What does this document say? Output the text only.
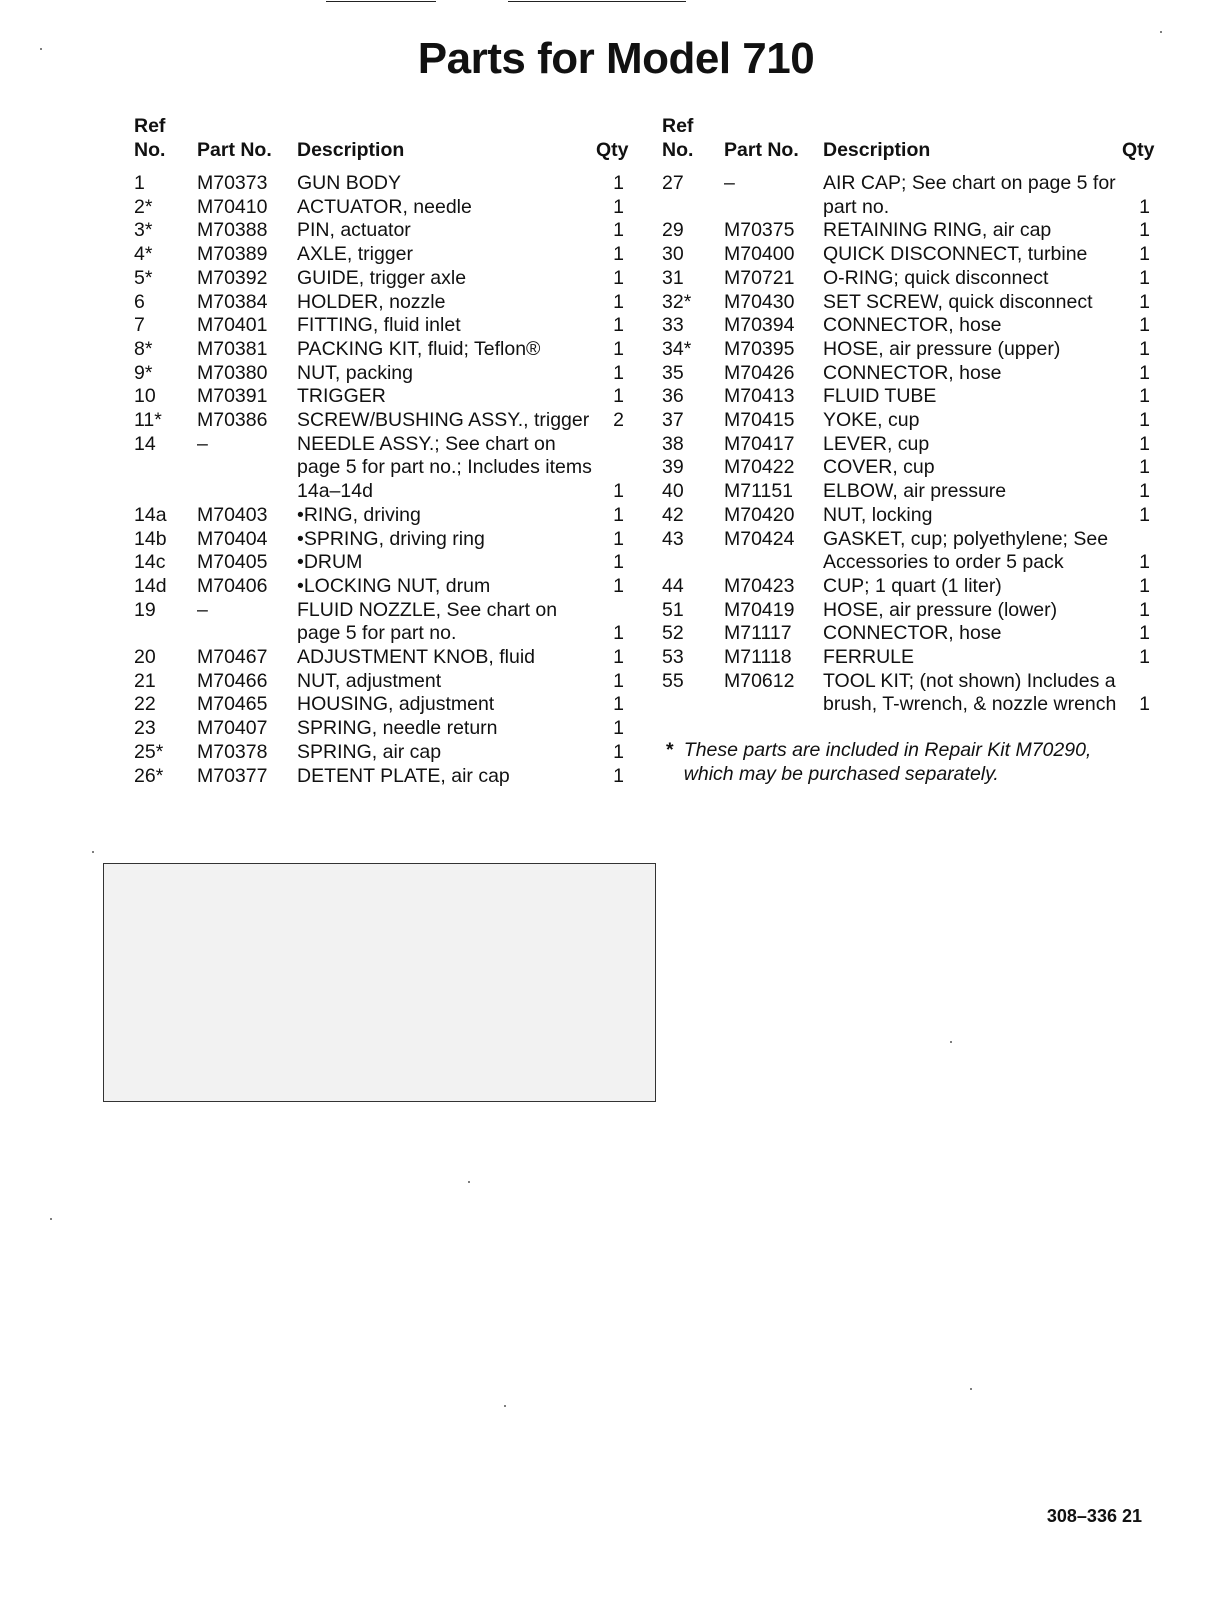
Parts for Model 710
Ref
No.	Part No.	Description	Qty
1	M70373	GUN BODY	1
2*	M70410	ACTUATOR, needle	1
3*	M70388	PIN, actuator	1
4*	M70389	AXLE, trigger	1
5*	M70392	GUIDE, trigger axle	1
6	M70384	HOLDER, nozzle	1
7	M70401	FITTING, fluid inlet	1
8*	M70381	PACKING KIT, fluid; Teflon®	1
9*	M70380	NUT, packing	1
10	M70391	TRIGGER	1
11*	M70386	SCREW/BUSHING ASSY., trigger	2
14	–	NEEDLE ASSY.; See chart on page 5 for part no.; Includes items 14a–14d	1
14a	M70403	•RING, driving	1
14b	M70404	•SPRING, driving ring	1
14c	M70405	•DRUM	1
14d	M70406	•LOCKING NUT, drum	1
19	–	FLUID NOZZLE, See chart on page 5 for part no.	1
20	M70467	ADJUSTMENT KNOB, fluid	1
21	M70466	NUT, adjustment	1
22	M70465	HOUSING, adjustment	1
23	M70407	SPRING, needle return	1
25*	M70378	SPRING, air cap	1
26*	M70377	DETENT PLATE, air cap	1
Ref
No.	Part No.	Description	Qty
27	–	AIR CAP; See chart on page 5 for part no.	1
29	M70375	RETAINING RING, air cap	1
30	M70400	QUICK DISCONNECT, turbine	1
31	M70721	O-RING; quick disconnect	1
32*	M70430	SET SCREW, quick disconnect	1
33	M70394	CONNECTOR, hose	1
34*	M70395	HOSE, air pressure (upper)	1
35	M70426	CONNECTOR, hose	1
36	M70413	FLUID TUBE	1
37	M70415	YOKE, cup	1
38	M70417	LEVER, cup	1
39	M70422	COVER, cup	1
40	M71151	ELBOW, air pressure	1
42	M70420	NUT, locking	1
43	M70424	GASKET, cup; polyethylene; See Accessories to order 5 pack	1
44	M70423	CUP; 1 quart (1 liter)	1
51	M70419	HOSE, air pressure (lower)	1
52	M71117	CONNECTOR, hose	1
53	M71118	FERRULE	1
55	M70612	TOOL KIT; (not shown) Includes a brush, T-wrench, & nozzle wrench	1
* These parts are included in Repair Kit M70290, which may be purchased separately.
308–336 21
